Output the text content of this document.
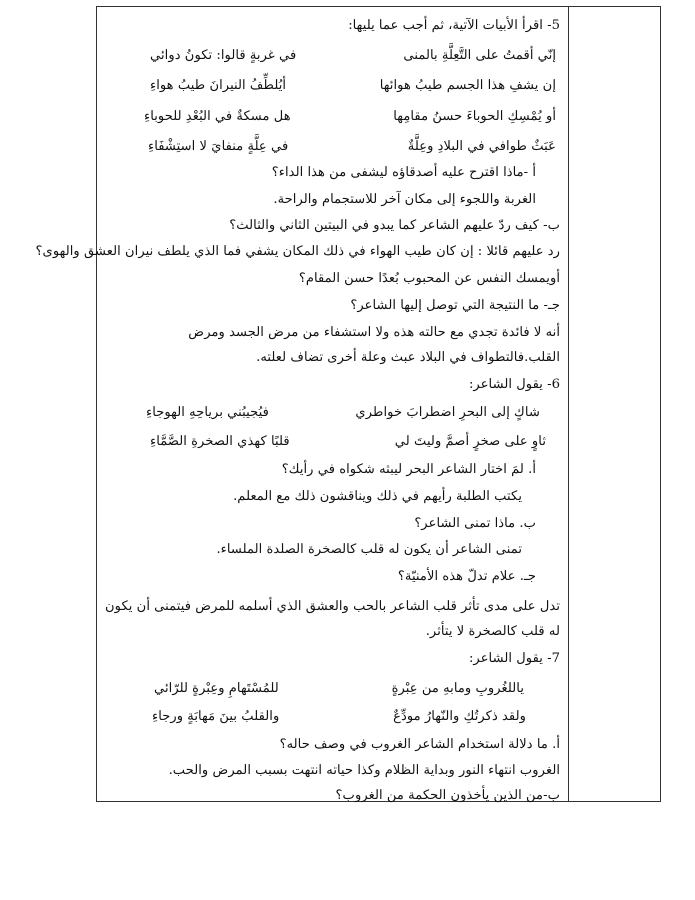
5- اقرأ الأبيات الآتية، ثم أجب عما يليها:
إنّي أقمتُ على التَّعِلَّةِ بالمنى
في غربةٍ قالوا: تكونُ دوائي
إن يشفِ هذا الجسم طيبُ هوائها
أيُلطِّفُ النيرانَ طيبُ هواءِ
أو يُمْسِكِ الحوباءَ حسنُ مقامِها
هل مسكةٌ في البُعْدِ للحوباءِ
عَبَثٌ طوافي في البلادِ وعِلَّةٌ
في عِلَّةٍ منفايَ لا استِشْفَاءِ
أ -ماذا اقترح عليه أصدقاؤه ليشفى من هذا الداء؟
الغربة واللجوء إلى مكان آخر للاستجمام والراحة.
ب- كيف ردّ عليهم الشاعر كما يبدو في البيتين الثاني والثالث؟
رد عليهم قائلا : إن كان طيب الهواء في ذلك المكان يشفي فما الذي يلطف نيران العشق والهوى؟
أويمسك النفس عن المحبوب بُعدًا حسن المقام؟
جـ- ما النتيجة التي توصل إليها الشاعر؟
أنه لا فائدة تجدي مع حالته هذه ولا استشفاء من مرض الجسد ومرض القلب.فالتطواف في البلاد عبث وعلة أخرى تضاف لعلته.
6- يقول الشاعر:
شاكٍ إلى البحرِ اضطرابَ خواطري
فيُجيبُني برياحِهِ الهوجاءِ
ثاوٍ على صخرٍ أصمَّ وليتَ لي
قلبًا كهذي الصخرةِ الصَّمَّاءِ
أ. لمَ اختار الشاعر البحر ليبثه شكواه في رأيك؟
يكتب الطلبة رأيهم في ذلك ويناقشون ذلك مع المعلم.
ب. ماذا تمنى الشاعر؟
تمنى الشاعر أن يكون له قلب كالصخرة الصلدة الملساء.
جـ. علام تدلّ هذه الأمنيّة؟
تدل على مدى تأثر قلب الشاعر بالحب والعشق الذي أسلمه للمرض فيتمنى أن يكون له قلب كالصخرة لا يتأثر.
7- يقول الشاعر:
ياللغُروبِ ومابهِ من عِبْرةٍ
للمُسْتَهامِ وعِبْرةٍ للرّائي
ولقد ذكرتُكِ والنّهارُ مودِّعٌ
والقلبُ بينَ مَهابَةٍ ورجاءِ
أ. ما دلالة استخدام الشاعر الغروب في وصف حاله؟
الغروب انتهاء النور وبداية الظلام وكذا حياته انتهت بسبب المرض والحب.
ب-من الذين يأخذون الحكمة من الغروب؟
